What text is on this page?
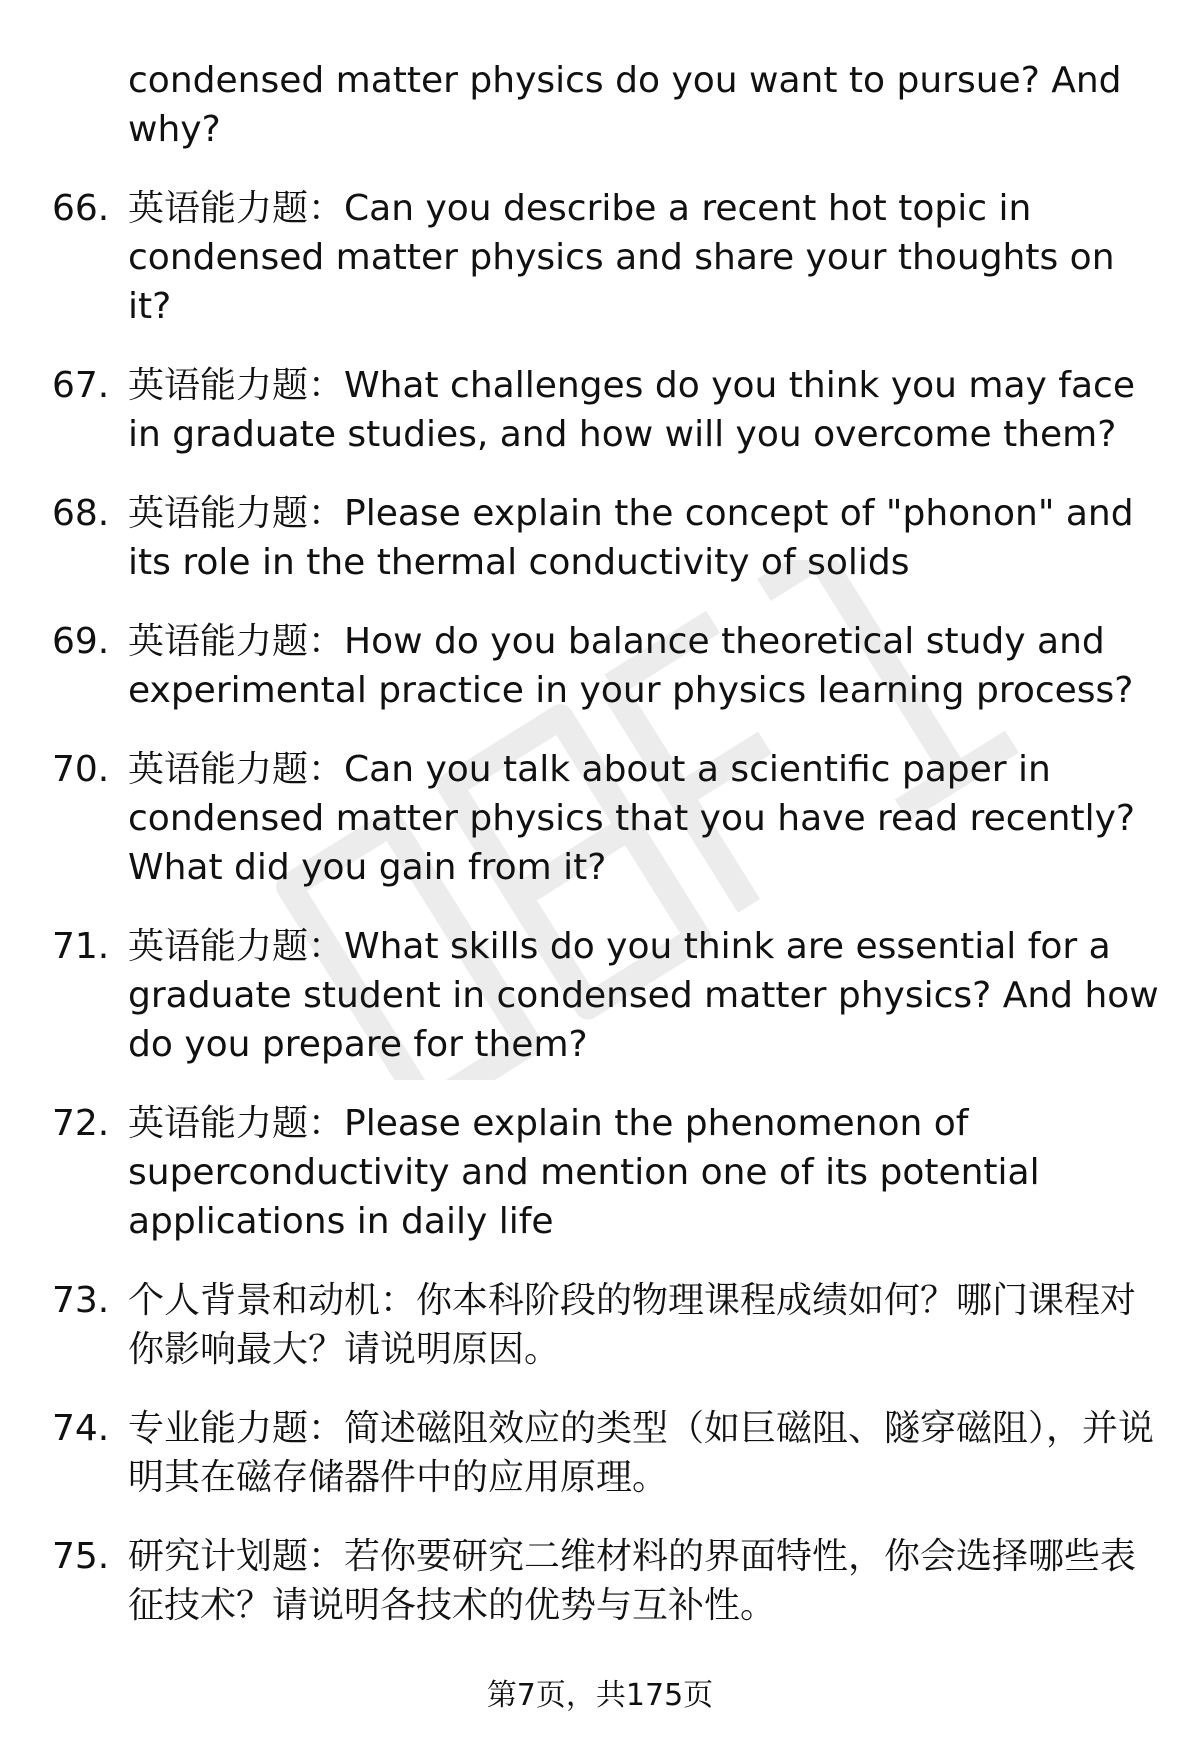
condensed matter physics do you want to pursue? And why?
66. 英语能力题：Can you describe a recent hot topic in condensed matter physics and share your thoughts on it?
67. 英语能力题：What challenges do you think you may face in graduate studies, and how will you overcome them?
68. 英语能力题：Please explain the concept of "phonon" and its role in the thermal conductivity of solids
69. 英语能力题：How do you balance theoretical study and experimental practice in your physics learning process?
70. 英语能力题：Can you talk about a scientific paper in condensed matter physics that you have read recently? What did you gain from it?
71. 英语能力题：What skills do you think are essential for a graduate student in condensed matter physics? And how do you prepare for them?
72. 英语能力题：Please explain the phenomenon of superconductivity and mention one of its potential applications in daily life
73. 个人背景和动机：你本科阶段的物理课程成绩如何？哪门课程对你影响最大？请说明原因。
74. 专业能力题：简述磁阻效应的类型（如巨磁阻、隧穿磁阻），并说明其在磁存储器件中的应用原理。
75. 研究计划题：若你要研究二维材料的界面特性，你会选择哪些表征技术？请说明各技术的优势与互补性。
第7页，共175页
